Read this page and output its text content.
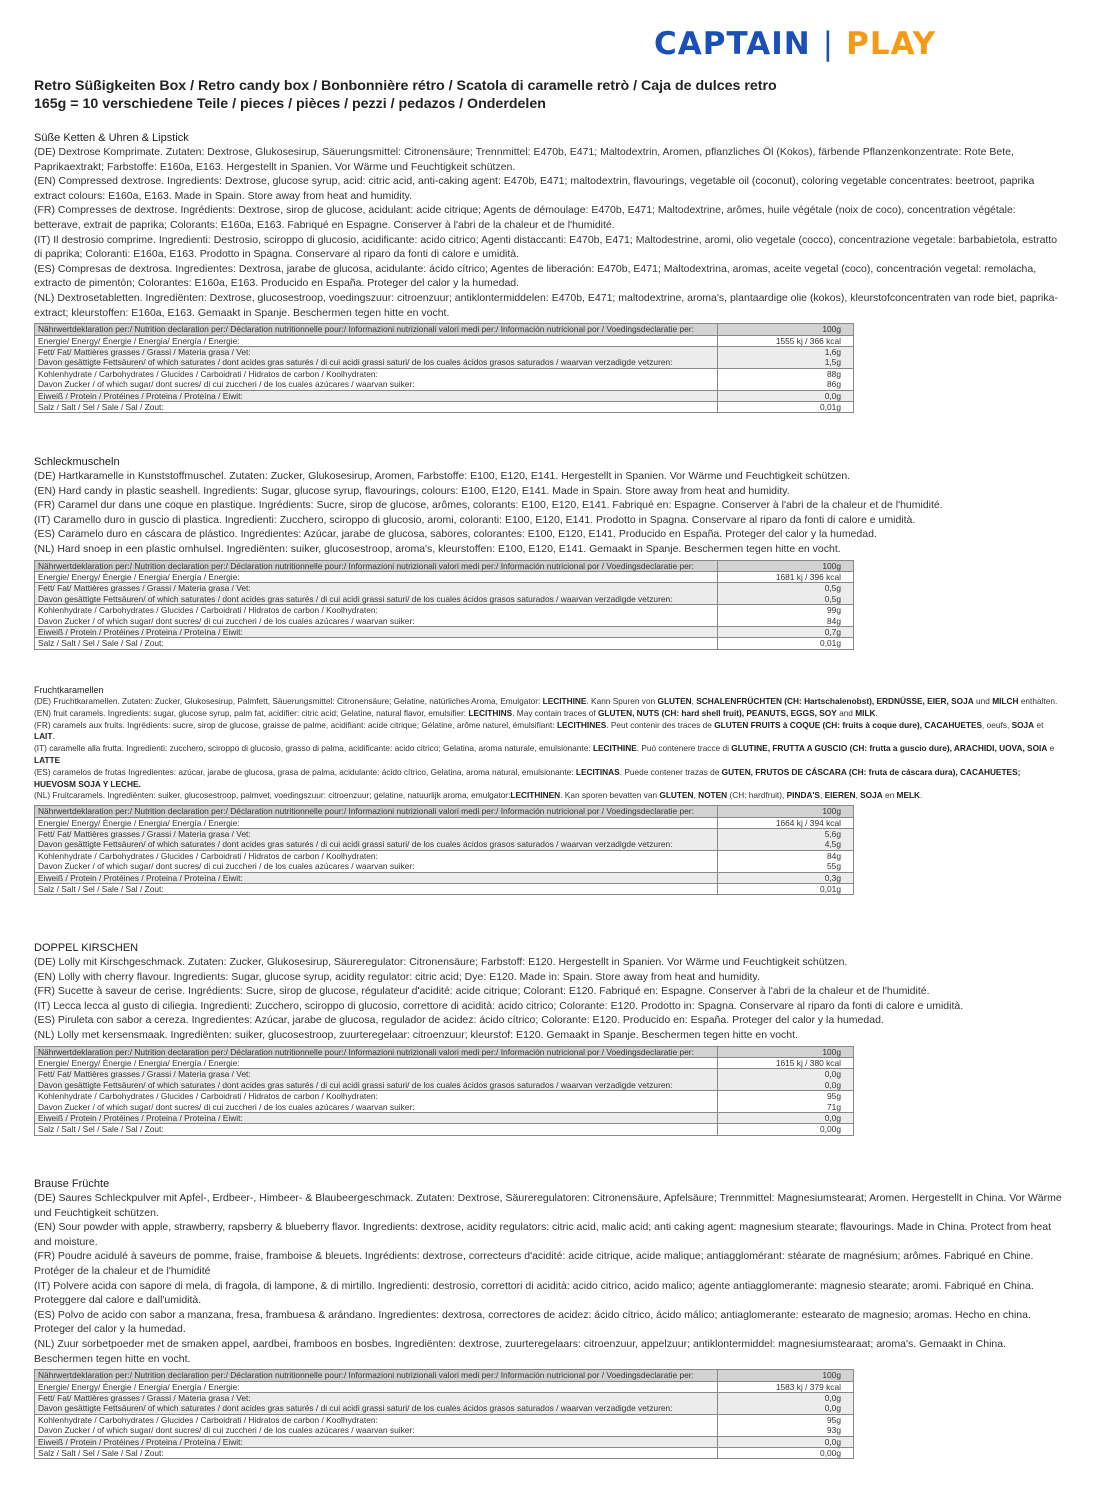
CAPTAIN | PLAY
Retro Süßigkeiten Box / Retro candy box / Bonbonnière rétro / Scatola di caramelle retrò / Caja de dulces retro
165g = 10 verschiedene Teile / pieces / pièces / pezzi / pedazos / Onderdelen
Süße Ketten & Uhren & Lipstick

(DE) Dextrose Komprimate. Zutaten: Dextrose, Glukosesirup, Säuerungsmittel: Citronensäure; Trennmittel: E470b, E471; Maltodextrin, Aromen, pflanzliches Öl (Kokos), färbende Pflanzenkonzentrate: Rote Bete, Paprikaextrakt; Farbstoffe: E160a, E163. Hergestellt in Spanien. Vor Wärme und Feuchtigkeit schützen.

(EN) Compressed dextrose. Ingredients: Dextrose, glucose syrup, acid: citric acid, anti-caking agent: E470b, E471; maltodextrin, flavourings, vegetable oil (coconut), coloring vegetable concentrates: beetroot, paprika extract colours: E160a, E163. Made in Spain. Store away from heat and humidity.

(FR) Compresses de dextrose. Ingrédients: Dextrose, sirop de glucose, acidulant: acide citrique; Agents de démoulage: E470b, E471; Maltodextrine, arômes, huile végétale (noix de coco), concentration végétale: betterave, extrait de paprika; Colorants: E160a, E163. Fabriqué en Espagne. Conserver à l'abri de la chaleur et de l'humidité.

(IT) Il destrosio comprime. Ingredienti: Destrosio, sciroppo di glucosio, acidificante: acido citrico; Agenti distaccanti: E470b, E471; Maltodestrine, aromi, olio vegetale (cocco), concentrazione vegetale: barbabietola, estratto di paprika; Coloranti: E160a, E163. Prodotto in Spagna. Conservare al riparo da fonti di calore e umidità.

(ES) Compresas de dextrosa. Ingredientes: Dextrosa, jarabe de glucosa, acidulante: ácido cítrico; Agentes de liberación: E470b, E471; Maltodextrina, aromas, aceite vegetal (coco), concentración vegetal: remolacha, extracto de pimentón; Colorantes: E160a, E163. Producido en España. Proteger del calor y la humedad.

(NL) Dextrosetabletten. Ingrediënten: Dextrose, glucosestroop, voedingszuur: citroenzuur; antiklontermiddelen: E470b, E471; maltodextrine, aroma's, plantaardige olie (kokos), kleurstofconcentraten van rode biet, paprika-extract; kleurstoffen: E160a, E163. Gemaakt in Spanje. Beschermen tegen hitte en vocht.

Nährwertdeklaration per:/ Nutrition declaration per:/ Déclaration nutritionnelle pour:/ Informazioni nutrizionali valori medi per:/ Información nutricional por / Voedingsdeclaratie per:	100g
Energie/ Energy/ Énergie / Energia/ Energía / Energie:	1555 kj / 366 kcal
Fett/ Fat/ Mattières grasses / Grassi / Materia grasa / Vet:	1,6g
Davon gesättigte Fettsäuren/ of which saturates / dont acides gras saturés / di cui acidi grassi saturi/ de los cuales ácidos grasos saturados / waarvan verzadigde vetzuren:	1,5g
Kohlenhydrate / Carbohydrates / Glucides / Carboidrati / Hidratos de carbon / Koolhydraten:	88g
Davon Zucker / of which sugar/ dont sucres/ di cui zuccheri / de los cuales azúcares / waarvan suiker:	86g
Eiweiß / Protein / Protéines / Proteina / Proteína / Eiwit:	0,0g
Salz / Salt / Sel / Sale / Sal / Zout:	0,01g
Schleckmuscheln

(DE) Hartkaramelle in Kunststoffmuschel. Zutaten: Zucker, Glukosesirup, Aromen, Farbstoffe: E100, E120, E141. Hergestellt in Spanien. Vor Wärme und Feuchtigkeit schützen.

(EN) Hard candy in plastic seashell. Ingredients: Sugar, glucose syrup, flavourings, colours: E100, E120, E141. Made in Spain. Store away from heat and humidity.

(FR) Caramel dur dans une coque en plastique. Ingrédients: Sucre, sirop de glucose, arômes, colorants: E100, E120, E141. Fabriqué en: Espagne. Conserver à l'abri de la chaleur et de l'humidité.

(IT) Caramello duro in guscio di plastica. Ingredienti: Zucchero, sciroppo di glucosio, aromi, coloranti: E100, E120, E141. Prodotto in Spagna. Conservare al riparo da fonti di calore e umidità.

(ES) Caramelo duro en cáscara de plástico. Ingredientes: Azúcar, jarabe de glucosa, sabores, colorantes: E100, E120, E141. Producido en España. Proteger del calor y la humedad.

(NL) Hard snoep in een plastic omhulsel. Ingrediënten: suiker, glucosestroop, aroma's, kleurstoffen: E100, E120, E141. Gemaakt in Spanje. Beschermen tegen hitte en vocht.

Nährwertdeklaration per:/ Nutrition declaration per:/ Déclaration nutritionnelle pour:/ Informazioni nutrizionali valori medi per:/ Información nutricional por / Voedingsdeclaratie per:	100g
Energie/ Energy/ Énergie / Energia/ Energía / Energie:	1681 kj / 396 kcal
Fett/ Fat/ Mattières grasses / Grassi / Materia grasa / Vet:	0,5g
Davon gesättigte Fettsäuren/ of which saturates / dont acides gras saturés / di cui acidi grassi saturi/ de los cuales ácidos grasos saturados / waarvan verzadigde vetzuren:	0,5g
Kohlenhydrate / Carbohydrates / Glucides / Carboidrati / Hidratos de carbon / Koolhydraten:	99g
Davon Zucker / of which sugar/ dont sucres/ di cui zuccheri / de los cuales azúcares / waarvan suiker:	84g
Eiweiß / Protein / Protéines / Proteina / Proteína / Eiwit:	0,7g
Salz / Salt / Sel / Sale / Sal / Zout:	0,01g
Fruchtkaramellen

(DE) Fruchtkaramellen. Zutaten: Zucker, Glukosesirup, Palmfett, Säuerungsmittel: Citronensäure; Gelatine, natürliches Aroma, Emulgator: LECITHINE. Kann Spuren von GLUTEN, SCHALENFRÜCHTEN (CH: Hartschalenobst), ERDNÜSSE, EIER, SOJA und MILCH enthalten.

(EN) fruit caramels. Ingredients: sugar, glucose syrup, palm fat, acidifier: citric acid; Gelatine, natural flavor, emulsifier: LECITHINS. May contain traces of GLUTEN, NUTS (CH: hard shell fruit), PEANUTS, EGGS, SOY and MILK.

(FR) caramels aux fruits. Ingrédients: sucre, sirop de glucose, graisse de palme, acidifiant: acide citrique; Gélatine, arôme naturel, émulsifiant: LECITHINES. Peut contenir des traces de GLUTEN FRUITS à COQUE (CH: fruits à coque dure), CACAHUETES, oeufs, SOJA et LAIT.

(IT) caramelle alla frutta. Ingredienti: zucchero, sciroppo di glucosio, grasso di palma, acidificante: acido citrico; Gelatina, aroma naturale, emulsionante: LECITHINE. Può contenere tracce di GLUTINE, FRUTTA A GUSCIO (CH: frutta a guscio dure), ARACHIDI, UOVA, SOIA e LATTE

(ES) caramelos de frutas Ingredientes: azúcar, jarabe de glucosa, grasa de palma, acidulante: ácido cítrico, Gelatina, aroma natural, emulsionante: LECITINAS. Puede contener trazas de GUTEN, FRUTOS DE CÁSCARA (CH: fruta de cáscara dura), CACAHUETES; HUEVOSM SOJA Y LECHE.

(NL) Fruitcaramels. Ingrediënten: suiker, glucosestroop, palmvet, voedingszuur: citroenzuur; gelatine, natuurlijk aroma, emulgator:LECITHINEN. Kan sporen bevatten van GLUTEN, NOTEN (CH: hardfruit), PINDA'S, EIEREN, SOJA en MELK.

Nährwertdeklaration per:/ Nutrition declaration per:/ Déclaration nutritionnelle pour:/ Informazioni nutrizionali valori medi per:/ Información nutricional por / Voedingsdeclaratie per:	100g
Energie/ Energy/ Énergie / Energia/ Energía / Energie:	1664 kj / 394 kcal
Fett/ Fat/ Mattières grasses / Grassi / Materia grasa / Vet:	5,6g
Davon gesättigte Fettsäuren/ of which saturates / dont acides gras saturés / di cui acidi grassi saturi/ de los cuales ácidos grasos saturados / waarvan verzadigde vetzuren:	4,5g
Kohlenhydrate / Carbohydrates / Glucides / Carboidrati / Hidratos de carbon / Koolhydraten:	84g
Davon Zucker / of which sugar/ dont sucres/ di cui zuccheri / de los cuales azúcares / waarvan suiker:	55g
Eiweiß / Protein / Protéines / Proteina / Proteína / Eiwit:	0,3g
Salz / Salt / Sel / Sale / Sal / Zout:	0,01g
DOPPEL KIRSCHEN

(DE) Lolly mit Kirschgeschmack. Zutaten: Zucker, Glukosesirup, Säureregulator: Citronensäure; Farbstoff: E120. Hergestellt in Spanien. Vor Wärme und Feuchtigkeit schützen.

(EN) Lolly with cherry flavour. Ingredients: Sugar, glucose syrup, acidity regulator: citric acid; Dye: E120. Made in: Spain. Store away from heat and humidity.

(FR) Sucette à saveur de cerise. Ingrédients: Sucre, sirop de glucose, régulateur d'acidité: acide citrique; Colorant: E120. Fabriqué en: Espagne. Conserver à l'abri de la chaleur et de l'humidité.

(IT) Lecca lecca al gusto di ciliegia. Ingredienti: Zucchero, sciroppo di glucosio, correttore di acidità: acido citrico; Colorante: E120. Prodotto in: Spagna. Conservare al riparo da fonti di calore e umidità.

(ES) Piruleta con sabor a cereza. Ingredientes: Azúcar, jarabe de glucosa, regulador de acidez: ácido cítrico; Colorante: E120. Producido en: España. Proteger del calor y la humedad.

(NL) Lolly met kersensmaak. Ingrediënten: suiker, glucosestroop, zuurteregelaar: citroenzuur; kleurstof: E120. Gemaakt in Spanje. Beschermen tegen hitte en vocht.

Nährwertdeklaration per:/ Nutrition declaration per:/ Déclaration nutritionnelle pour:/ Informazioni nutrizionali valori medi per:/ Información nutricional por / Voedingsdeclaratie per:	100g
Energie/ Energy/ Énergie / Energia/ Energía / Energie:	1615 kj / 380 kcal
Fett/ Fat/ Mattières grasses / Grassi / Materia grasa / Vet:	0,0g
Davon gesättigte Fettsäuren/ of which saturates / dont acides gras saturés / di cui acidi grassi saturi/ de los cuales ácidos grasos saturados / waarvan verzadigde vetzuren:	0,0g
Kohlenhydrate / Carbohydrates / Glucides / Carboidrati / Hidratos de carbon / Koolhydraten:	95g
Davon Zucker / of which sugar/ dont sucres/ di cui zuccheri / de los cuales azúcares / waarvan suiker:	71g
Eiweiß / Protein / Protéines / Proteina / Proteína / Eiwit:	0,0g
Salz / Salt / Sel / Sale / Sal / Zout:	0,00g
Brause Früchte

(DE) Saures Schleckpulver mit Apfel-, Erdbeer-, Himbeer- & Blaubeergeschmack. Zutaten: Dextrose, Säureregulatoren: Citronensäure, Apfelsäure; Trennmittel: Magnesiumstearat; Aromen. Hergestellt in China. Vor Wärme und Feuchtigkeit schützen.

(EN) Sour powder with apple, strawberry, rapsberry & blueberry flavor. Ingredients: dextrose, acidity regulators: citric acid, malic acid; anti caking agent: magnesium stearate; flavourings. Made in China. Protect from heat and moisture.

(FR) Poudre acidulé à saveurs de pomme, fraise, framboise & bleuets. Ingrédients: dextrose, correcteurs d'acidité: acide citrique, acide malique; antiagglomérant: stéarate de magnésium; arômes. Fabriqué en Chine. Protéger de la chaleur et de l'humidité

(IT) Polvere acida con sapore di mela, di fragola, di lampone, & di mirtillo. Ingredienti: destrosio, correttori di acidità: acido citrico, acido malico; agente antiagglomerante: magnesio stearate; aromi. Fabriqué en China. Proteggere dal calore e dall'umidità.

(ES) Polvo de acido con sabor a manzana, fresa, frambuesa & arándano. Ingredientes: dextrosa, correctores de acidez: ácido cítrico, ácido málico; antiaglomerante: estearato de magnesio; aromas. Hecho en china. Proteger del calor y la humedad.

(NL) Zuur sorbetpoeder met de smaken appel, aardbei, framboos en bosbes. Ingrediënten: dextrose, zuurteregelaars: citroenzuur, appelzuur; antiklontermiddel: magnesiumstearaat; aroma's. Gemaakt in China. Beschermen tegen hitte en vocht.

Nährwertdeklaration per:/ Nutrition declaration per:/ Déclaration nutritionnelle pour:/ Informazioni nutrizionali valori medi per:/ Información nutricional por / Voedingsdeclaratie per:	100g
Energie/ Energy/ Énergie / Energia/ Energía / Energie:	1583 kj / 379 kcal
Fett/ Fat/ Mattières grasses / Grassi / Materia grasa / Vet:	0,0g
Davon gesättigte Fettsäuren/ of which saturates / dont acides gras saturés / di cui acidi grassi saturi/ de los cuales ácidos grasos saturados / waarvan verzadigde vetzuren:	0,0g
Kohlenhydrate / Carbohydrates / Glucides / Carboidrati / Hidratos de carbon / Koolhydraten:	95g
Davon Zucker / of which sugar/ dont sucres/ di cui zuccheri / de los cuales azúcares / waarvan suiker:	93g
Eiweiß / Protein / Protéines / Proteina / Proteína / Eiwit:	0,0g
Salz / Salt / Sel / Sale / Sal / Zout:	0,00g
